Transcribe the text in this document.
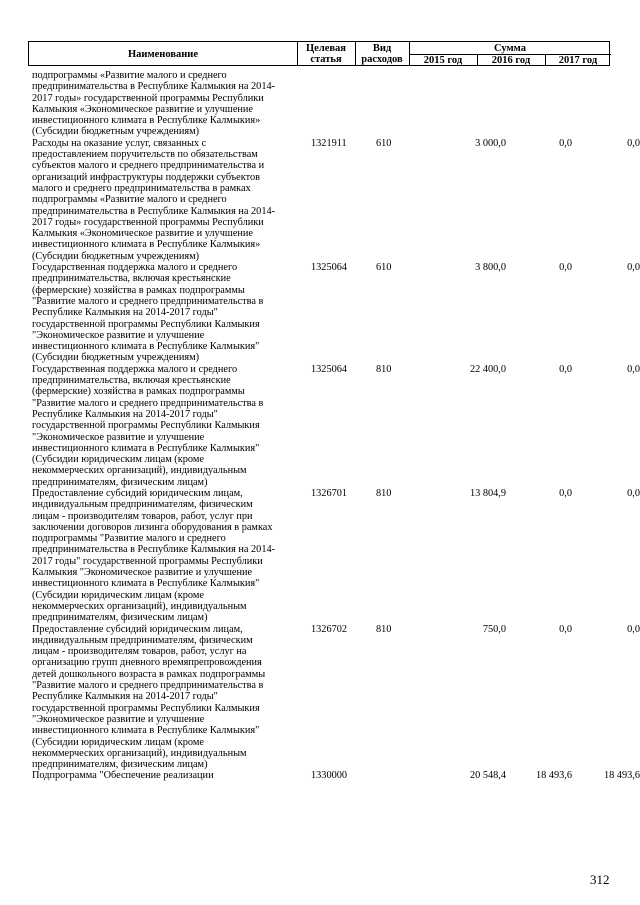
Наименование
Целевая
статья
Вид
расходов
Сумма
2015 год	2016 год	2017 год
подпрограммы «Развитие малого и среднего
предпринимательства в Республике Калмыкия на 2014-
2017 годы» государственной программы Республики
Калмыкия «Экономическое развитие и улучшение
инвестиционного климата в Республике Калмыкия»
(Субсидии бюджетным учреждениям)
Расходы на оказание услуг, связанных с
предоставлением поручительств по обязательствам
субъектов малого и среднего предпринимательства и
организаций инфраструктуры поддержки субъектов
малого и среднего предпринимательства в рамках
подпрограммы «Развитие малого и среднего
предпринимательства в Республике Калмыкия на 2014-
2017 годы» государственной программы Республики
Калмыкия «Экономическое развитие и улучшение
инвестиционного климата в Республике Калмыкия»
(Субсидии бюджетным учреждениям)
1321911	610	3 000,0	0,0	0,0
Государственная поддержка малого и среднего
предпринимательства, включая крестьянские
(фермерские) хозяйства в рамках подпрограммы
"Развитие малого и среднего предпринимательства в
Республике Калмыкия на 2014-2017 годы"
государственной программы Республики Калмыкия
"Экономическое развитие и улучшение
инвестиционного климата в Республике Калмыкия"
(Субсидии бюджетным учреждениям)
1325064	610	3 800,0	0,0	0,0
Государственная поддержка малого и среднего
предпринимательства, включая крестьянские
(фермерские) хозяйства в рамках подпрограммы
"Развитие малого и среднего предпринимательства в
Республике Калмыкия на 2014-2017 годы"
государственной программы Республики Калмыкия
"Экономическое развитие и улучшение
инвестиционного климата в Республике Калмыкия"
(Субсидии юридическим лицам (кроме
некоммерческих организаций), индивидуальным
предпринимателям, физическим лицам)
1325064	810	22 400,0	0,0	0,0
Предоставление субсидий юридическим лицам,
индивидуальным предпринимателям, физическим
лицам - производителям товаров, работ, услуг при
заключении договоров лизинга оборудования в рамках
подпрограммы "Развитие малого и среднего
предпринимательства в Республике Калмыкия на 2014-
2017 годы" государственной программы Республики
Калмыкия "Экономическое развитие и улучшение
инвестиционного климата в Республике Калмыкия"
(Субсидии юридическим лицам (кроме
некоммерческих организаций), индивидуальным
предпринимателям, физическим лицам)
1326701	810	13 804,9	0,0	0,0
Предоставление субсидий юридическим лицам,
индивидуальным предпринимателям, физическим
лицам - производителям товаров, работ, услуг на
организацию групп дневного времяпрепровождения
детей дошкольного возраста в рамках подпрограммы
"Развитие малого и среднего предпринимательства в
Республике Калмыкия на 2014-2017 годы"
государственной программы Республики Калмыкия
"Экономическое развитие и улучшение
инвестиционного климата в Республике Калмыкия"
(Субсидии юридическим лицам (кроме
некоммерческих организаций), индивидуальным
предпринимателям, физическим лицам)
1326702	810	750,0	0,0	0,0
Подпрограмма "Обеспечение реализации	1330000	20 548,4	18 493,6	18 493,6
312
